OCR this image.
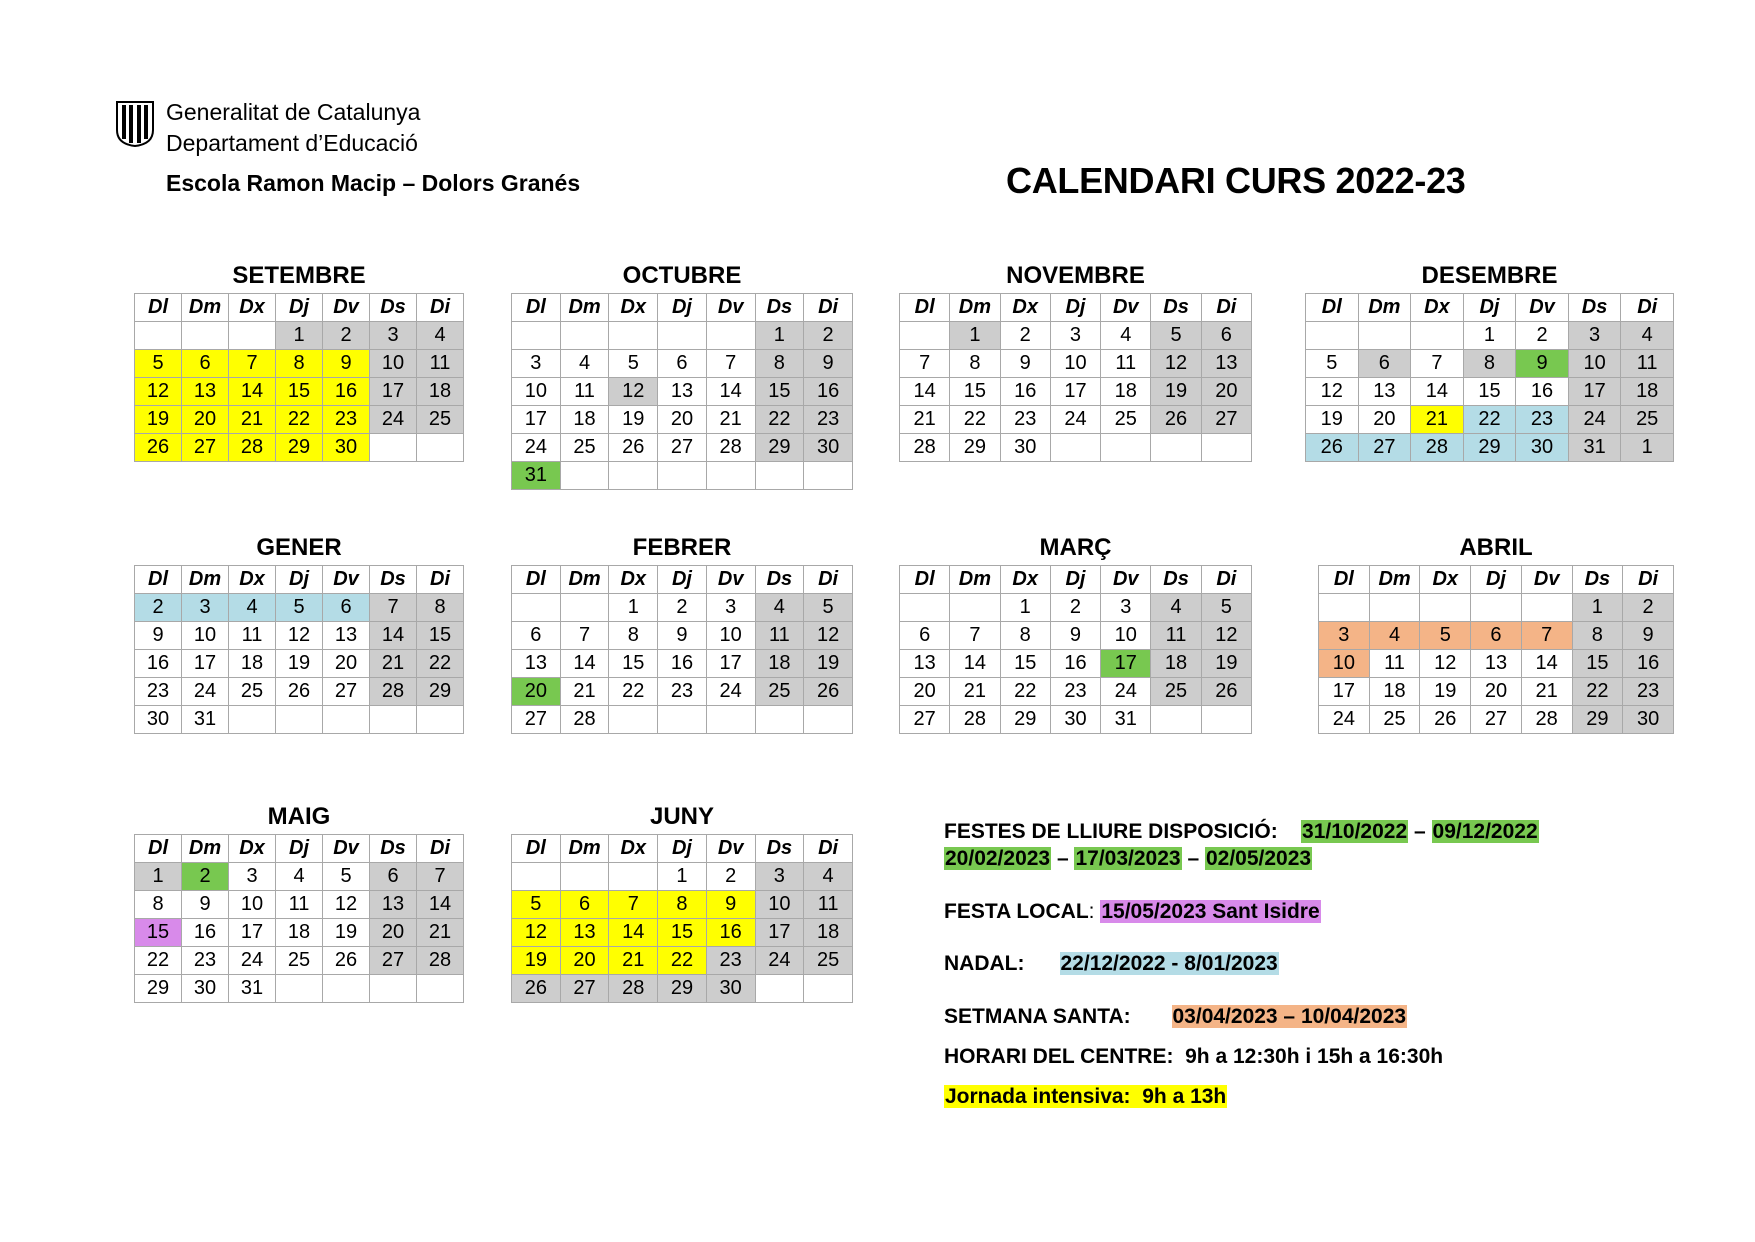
Generalitat de Catalunya
Departament d’Educació
Escola Ramon Macip – Dolors Granés	CALENDARI CURS 2022-23
SETEMBRE
Dl	Dm	Dx	Dj	Dv	Ds	Di
			1	2	3	4
5	6	7	8	9	10	11
12	13	14	15	16	17	18
19	20	21	22	23	24	25
26	27	28	29	30		
OCTUBRE
Dl	Dm	Dx	Dj	Dv	Ds	Di
					1	2
3	4	5	6	7	8	9
10	11	12	13	14	15	16
17	18	19	20	21	22	23
24	25	26	27	28	29	30
31						
NOVEMBRE
Dl	Dm	Dx	Dj	Dv	Ds	Di
	1	2	3	4	5	6
7	8	9	10	11	12	13
14	15	16	17	18	19	20
21	22	23	24	25	26	27
28	29	30				
DESEMBRE
Dl	Dm	Dx	Dj	Dv	Ds	Di
			1	2	3	4
5	6	7	8	9	10	11
12	13	14	15	16	17	18
19	20	21	22	23	24	25
26	27	28	29	30	31	1
GENER
Dl	Dm	Dx	Dj	Dv	Ds	Di
2	3	4	5	6	7	8
9	10	11	12	13	14	15
16	17	18	19	20	21	22
23	24	25	26	27	28	29
30	31					
FEBRER
Dl	Dm	Dx	Dj	Dv	Ds	Di
		1	2	3	4	5
6	7	8	9	10	11	12
13	14	15	16	17	18	19
20	21	22	23	24	25	26
27	28					
MARÇ
Dl	Dm	Dx	Dj	Dv	Ds	Di
		1	2	3	4	5
6	7	8	9	10	11	12
13	14	15	16	17	18	19
20	21	22	23	24	25	26
27	28	29	30	31		
ABRIL
Dl	Dm	Dx	Dj	Dv	Ds	Di
					1	2
3	4	5	6	7	8	9
10	11	12	13	14	15	16
17	18	19	20	21	22	23
24	25	26	27	28	29	30
MAIG
Dl	Dm	Dx	Dj	Dv	Ds	Di
1	2	3	4	5	6	7
8	9	10	11	12	13	14
15	16	17	18	19	20	21
22	23	24	25	26	27	28
29	30	31				
JUNY
Dl	Dm	Dx	Dj	Dv	Ds	Di
			1	2	3	4
5	6	7	8	9	10	11
12	13	14	15	16	17	18
19	20	21	22	23	24	25
26	27	28	29	30		
FESTES DE LLIURE DISPOSICIÓ: 31/10/2022 – 09/12/2022
20/02/2023 – 17/03/2023 – 02/05/2023
FESTA LOCAL: 15/05/2023 Sant Isidre
NADAL: 22/12/2022 - 8/01/2023
SETMANA SANTA: 03/04/2023 – 10/04/2023
HORARI DEL CENTRE: 9h a 12:30h i 15h a 16:30h
Jornada intensiva:  9h a 13h
